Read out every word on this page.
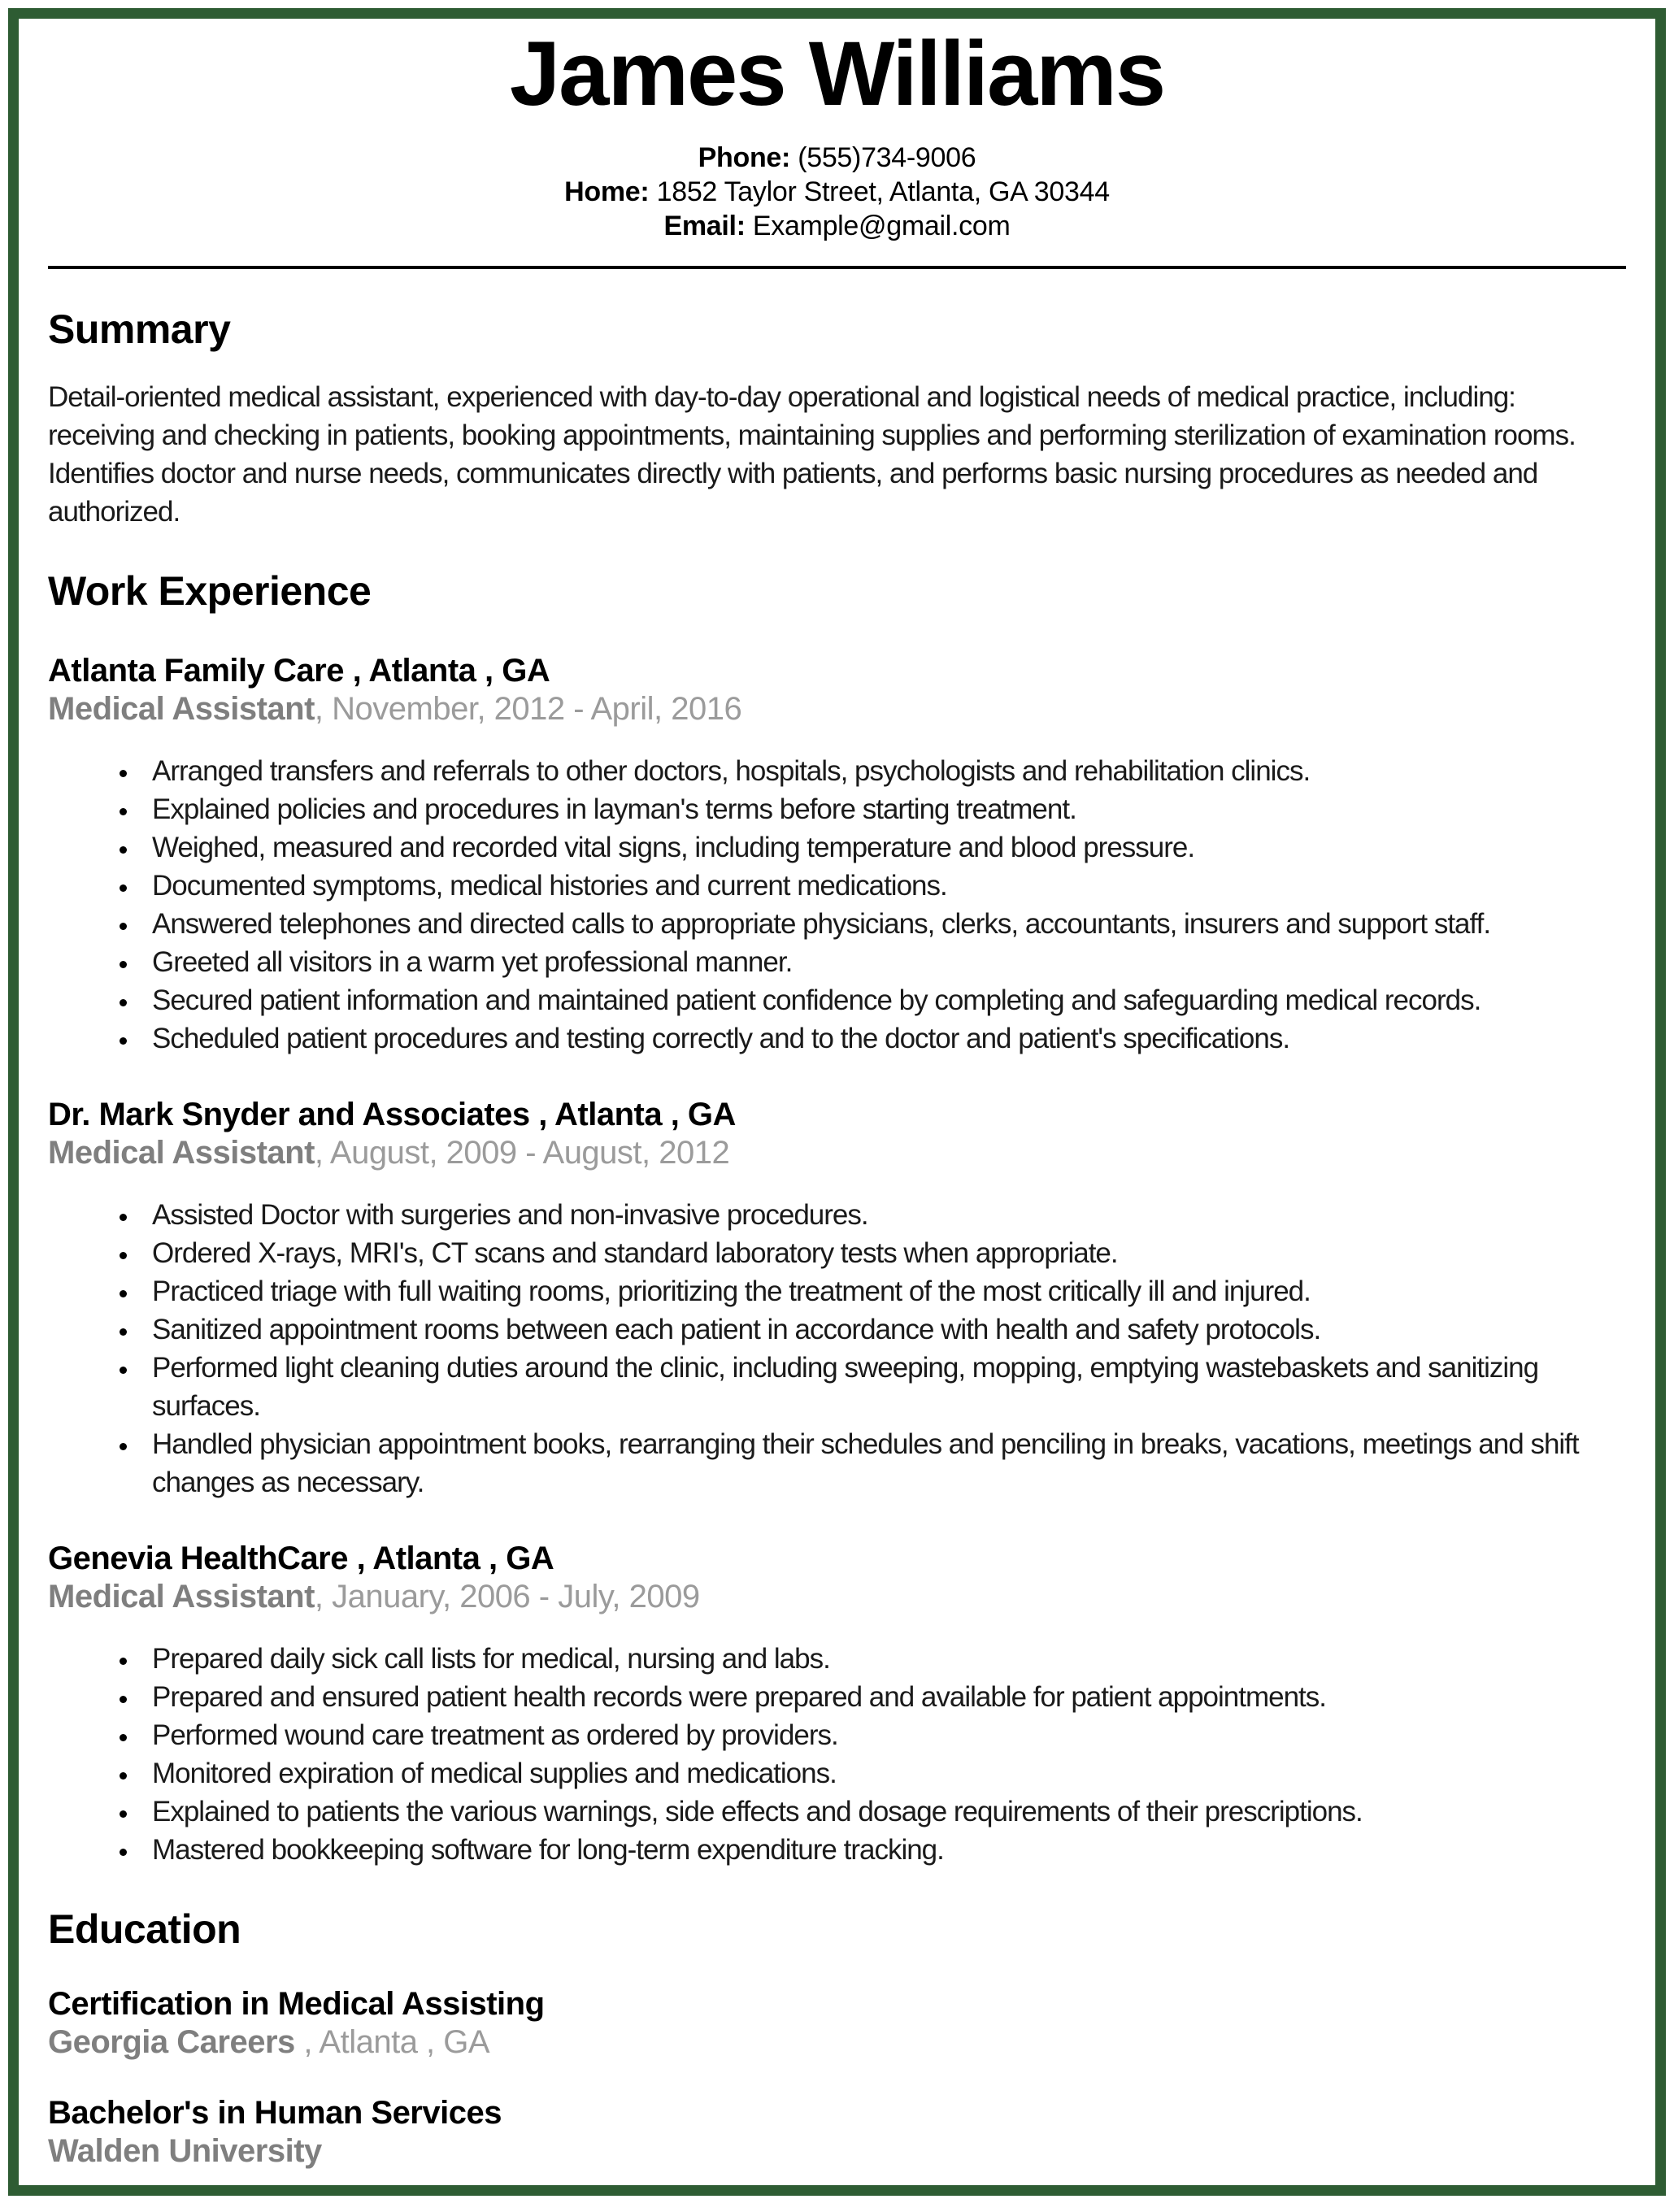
James Williams
Phone: (555)734-9006
Home: 1852 Taylor Street, Atlanta, GA 30344
Email: Example@gmail.com
Summary

Detail-oriented medical assistant, experienced with day-to-day operational and logistical needs of medical practice, including: receiving and checking in patients, booking appointments, maintaining supplies and performing sterilization of examination rooms. Identifies doctor and nurse needs, communicates directly with patients, and performs basic nursing procedures as needed and authorized.

Work Experience
Atlanta Family Care , Atlanta , GA
Medical Assistant, November, 2012 - April, 2016
• Arranged transfers and referrals to other doctors, hospitals, psychologists and rehabilitation clinics.
• Explained policies and procedures in layman's terms before starting treatment.
• Weighed, measured and recorded vital signs, including temperature and blood pressure.
• Documented symptoms, medical histories and current medications.
• Answered telephones and directed calls to appropriate physicians, clerks, accountants, insurers and support staff.
• Greeted all visitors in a warm yet professional manner.
• Secured patient information and maintained patient confidence by completing and safeguarding medical records.
• Scheduled patient procedures and testing correctly and to the doctor and patient's specifications.
Dr. Mark Snyder and Associates , Atlanta , GA
Medical Assistant, August, 2009 - August, 2012
• Assisted Doctor with surgeries and non-invasive procedures.
• Ordered X-rays, MRI's, CT scans and standard laboratory tests when appropriate.
• Practiced triage with full waiting rooms, prioritizing the treatment of the most critically ill and injured.
• Sanitized appointment rooms between each patient in accordance with health and safety protocols.
• Performed light cleaning duties around the clinic, including sweeping, mopping, emptying wastebaskets and sanitizing surfaces.
• Handled physician appointment books, rearranging their schedules and penciling in breaks, vacations, meetings and shift changes as necessary.
Genevia HealthCare , Atlanta , GA
Medical Assistant, January, 2006 - July, 2009
• Prepared daily sick call lists for medical, nursing and labs.
• Prepared and ensured patient health records were prepared and available for patient appointments.
• Performed wound care treatment as ordered by providers.
• Monitored expiration of medical supplies and medications.
• Explained to patients the various warnings, side effects and dosage requirements of their prescriptions.
• Mastered bookkeeping software for long-term expenditure tracking.
Education
Certification in Medical Assisting
Georgia Careers , Atlanta , GA
Bachelor's in Human Services
Walden University
